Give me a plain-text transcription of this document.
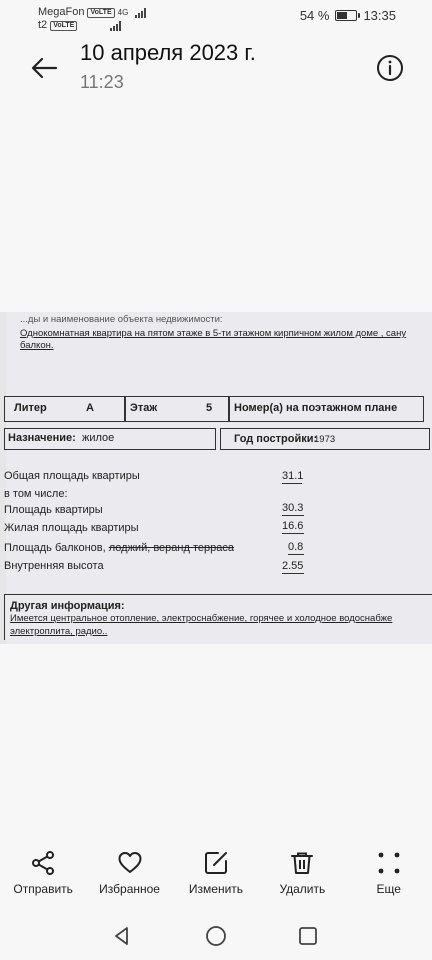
MegaFon VoLTE 4G
t2 VoLTE
54 %	13:35
10 апреля 2023 г.
11:23
...ды и наименование объекта недвижимости:
Однокомнатная квартира на пятом этаже в 5-ти этажном кирпичном жилом доме , сану
балкон.
Литер	А	Этаж	5 Номер(а) на поэтажном плане
Назначение: жилое	Год постройки:
1973
Общая площадь квартиры	31.1
в том числе:
Площадь квартиры	30.3
Жилая площадь квартиры	16.6
Площадь балконов, лоджий, веранд терраса	0.8
Внутренняя высота	2.55
Другая информация:
Имеется центральное отопление, электроснабжение, горячее и холодное водоснабже
электроплита, радио..
Отправить Избранное Изменить	Удалить	Еще
